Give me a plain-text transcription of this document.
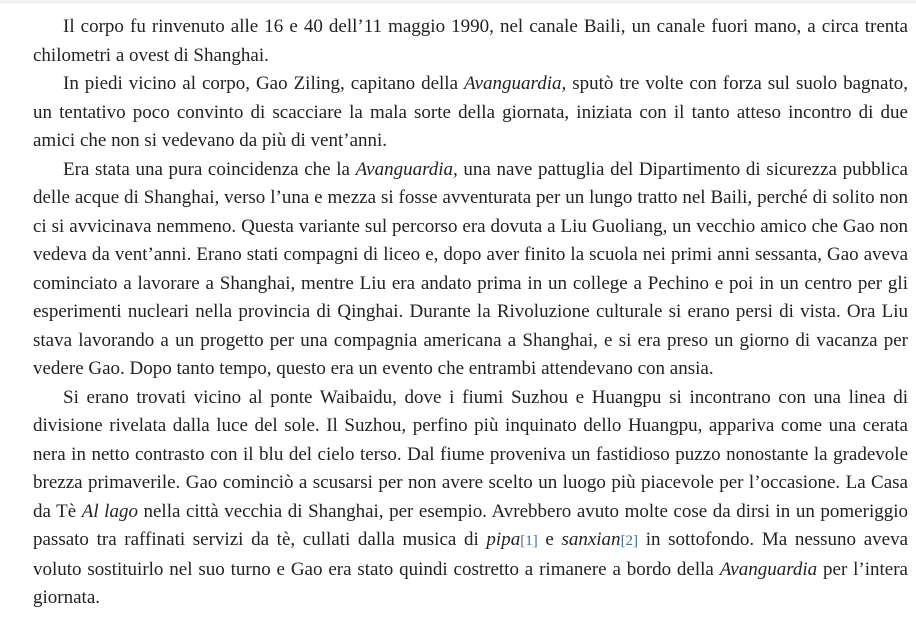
Il corpo fu rinvenuto alle 16 e 40 dell’11 maggio 1990, nel canale Baili, un canale fuori mano, a circa trenta chilometri a ovest di Shanghai.

In piedi vicino al corpo, Gao Ziling, capitano della Avanguardia, sputò tre volte con forza sul suolo bagnato, un tentativo poco convinto di scacciare la mala sorte della giornata, iniziata con il tanto atteso incontro di due amici che non si vedevano da più di vent’anni.

Era stata una pura coincidenza che la Avanguardia, una nave pattuglia del Dipartimento di sicurezza pubblica delle acque di Shanghai, verso l’una e mezza si fosse avventurata per un lungo tratto nel Baili, perché di solito non ci si avvicinava nemmeno. Questa variante sul percorso era dovuta a Liu Guoliang, un vecchio amico che Gao non vedeva da vent’anni. Erano stati compagni di liceo e, dopo aver finito la scuola nei primi anni sessanta, Gao aveva cominciato a lavorare a Shanghai, mentre Liu era andato prima in un college a Pechino e poi in un centro per gli esperimenti nucleari nella provincia di Qinghai. Durante la Rivoluzione culturale si erano persi di vista. Ora Liu stava lavorando a un progetto per una compagnia americana a Shanghai, e si era preso un giorno di vacanza per vedere Gao. Dopo tanto tempo, questo era un evento che entrambi attendevano con ansia.

Si erano trovati vicino al ponte Waibaidu, dove i fiumi Suzhou e Huangpu si incontrano con una linea di divisione rivelata dalla luce del sole. Il Suzhou, perfino più inquinato dello Huangpu, appariva come una cerata nera in netto contrasto con il blu del cielo terso. Dal fiume proveniva un fastidioso puzzo nonostante la gradevole brezza primaverile. Gao cominciò a scusarsi per non avere scelto un luogo più piacevole per l’occasione. La Casa da Tè Al lago nella città vecchia di Shanghai, per esempio. Avrebbero avuto molte cose da dirsi in un pomeriggio passato tra raffinati servizi da tè, cullati dalla musica di pipa[1] e sanxian[2] in sottofondo. Ma nessuno aveva voluto sostituirlo nel suo turno e Gao era stato quindi costretto a rimanere a bordo della Avanguardia per l’intera giornata.
